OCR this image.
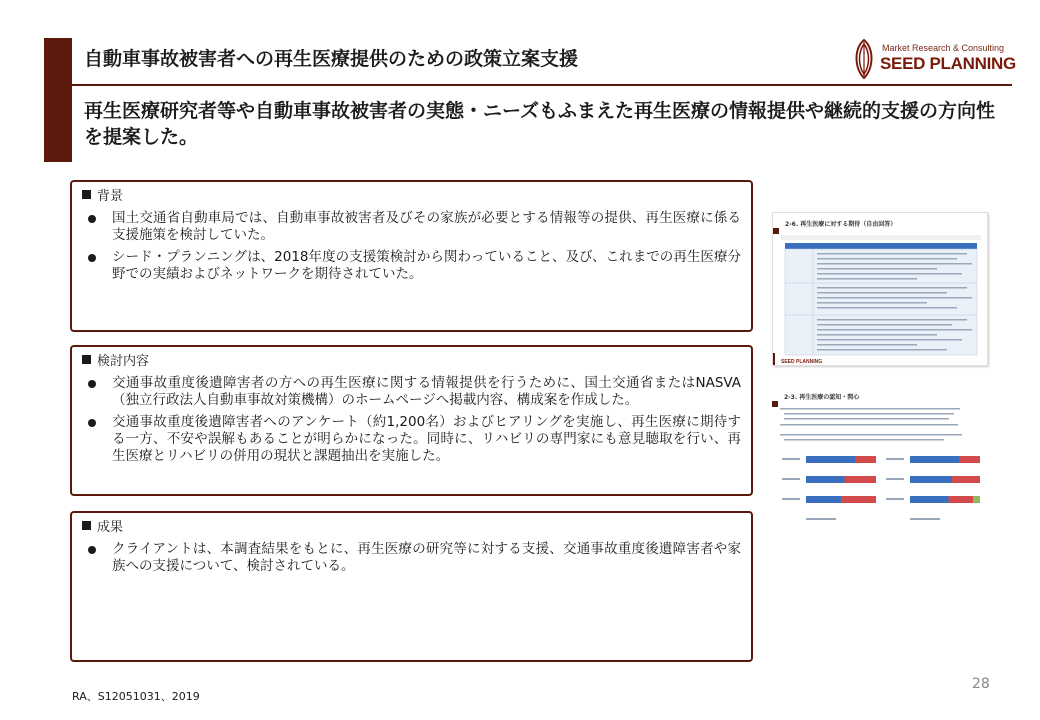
自動車事故被害者への再生医療提供のための政策立案支援
再生医療研究者等や自動車事故被害者の実態・ニーズもふまえた再生医療の情報提供や継続的支援の方向性を提案した。
Market Research & Consulting
SEED PLANNING
背景
国土交通省自動車局では、自動車事故被害者及びその家族が必要とする情報等の提供、再生医療に係る支援施策を検討していた。
シード・プランニングは、2018年度の支援策検討から関わっていること、及び、これまでの再生医療分野での実績およびネットワークを期待されていた。
検討内容
交通事故重度後遺障害者の方への再生医療に関する情報提供を行うために、国土交通省またはNASVA（独立行政法人自動車事故対策機構）のホームページへ掲載内容、構成案を作成した。
交通事故重度後遺障害者へのアンケート（約1,200名）およびヒアリングを実施し、再生医療に期待する一方、不安や誤解もあることが明らかになった。同時に、リハビリの専門家にも意見聴取を行い、再生医療とリハビリの併用の現状と課題抽出を実施した。
成果
クライアントは、本調査結果をもとに、再生医療の研究等に対する支援、交通事故重度後遺障害者や家族への支援について、検討されている。
2-6. 再生医療に対する期待（自由回答）
SEED PLANNING
2-3. 再生医療の認知・関心
28
RA、S12051031、2019
